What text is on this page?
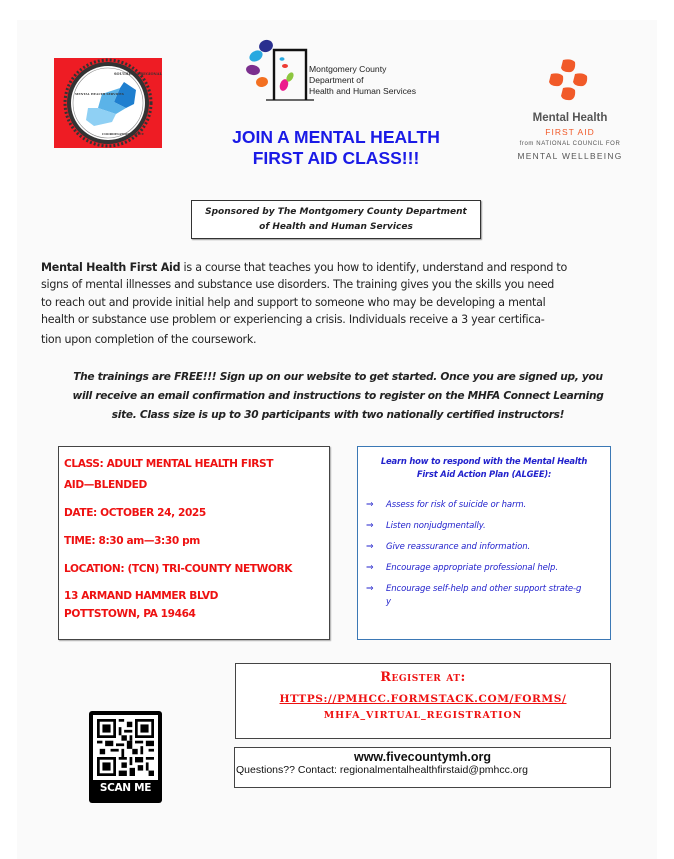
SOUTHEAST REGIONAL
MENTAL HEALTH SERVICES
COORDINATION OFFICE
Montgomery County
Department of
Health and Human Services
Mental Health
FIRST AID
from NATIONAL COUNCIL FOR
MENTAL WELLBEING
JOIN A MENTAL HEALTH
FIRST AID CLASS!!!
Sponsored by The Montgomery County Department
of Health and Human Services
Mental Health First Aid is a course that teaches you how to identify, understand and respond to
signs of mental illnesses and substance use disorders. The training gives you the skills you need
to reach out and provide initial help and support to someone who may be developing a mental
health or substance use problem or experiencing a crisis. Individuals receive a 3 year certifica-
tion upon completion of the coursework.
The trainings are FREE!!! Sign up on our website to get started. Once you are signed up, you
will receive an email confirmation and instructions to register on the MHFA Connect Learning
site. Class size is up to 30 participants with two nationally certified instructors!
CLASS: ADULT MENTAL HEALTH FIRST
AID—BLENDED
DATE: OCTOBER 24, 2025
TIME: 8:30 am—3:30 pm
LOCATION: (TCN) TRI-COUNTY NETWORK
13 ARMAND HAMMER BLVD
POTTSTOWN, PA 19464
Learn how to respond with the Mental Health
First Aid Action Plan (ALGEE):
⇒	Assess for risk of suicide or harm.
⇒	Listen nonjudgmentally.
⇒	Give reassurance and information.
⇒	Encourage appropriate professional help.
⇒	Encourage self-help and other support strate-gy
Register at:
HTTPS://PMHCC.FORMSTACK.COM/FORMS/
MHFA_VIRTUAL_REGISTRATION
www.fivecountymh.org
Questions?? Contact: regionalmentalhealthfirstaid@pmhcc.org
SCAN ME
